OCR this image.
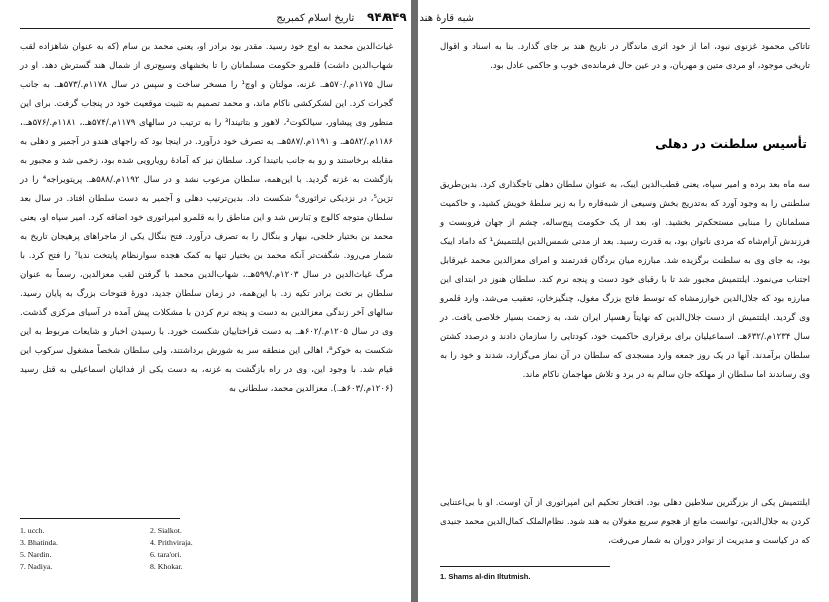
۹۴۸    تاریخ اسلام کمبریج

غیاث‌الدین محمد به اوج خود رسید. مقدر بود برادر او، یعنی محمد بن سام (که به عنوان شاهزاده لقب شهاب‌الدین داشت) قلمرو حکومت مسلمانان را تا بخشهای وسیع‌تری از شمال هند گسترش دهد. او در سال ۱۱۷۵م./۵۷۰هـ. غزنه، مولتان و اوچ¹ را مسخر ساخت و سپس در سال ۱۱۷۸م./۵۷۳هـ. به جانب گجرات کرد. این لشکرکشی ناکام ماند، و محمد تصمیم به تثبیت موقعیت خود در پنجاب گرفت. برای این منظور وی پیشاور، سیالکوت²، لاهور و بتاتیندا³ را به ترتیب در سالهای ۱۱۷۹م./۵۷۴هـ.، ۱۱۸۱م./۵۷۶هـ.، ۱۱۸۶م./۵۸۲هـ. و ۱۱۹۱م./۵۸۷هـ. به تصرف خود درآورد. در اینجا بود که راجهای هندو در آجمیر و دهلی به مقابله برخاستند و رو به جانب باتیندا کرد. سلطان نیز که آمادهٔ رویارویی شده بود، زخمی شد و مجبور به بازگشت به غزنه گردید. با این‌همه، سلطان مرعوب نشد و در سال ۱۱۹۲م./۵۸۸هـ. پریتویراجه⁴ را در ترَین⁵، در نزدیکی تراثوری⁶ شکست داد. بدین‌ترتیب دهلی و آجمیر به دست سلطان افتاد. در سال بعد سلطان متوجه کالوج و بَنارس شد و این مناطق را به قلمرو امپراتوری خود اضافه کرد. امیر سپاه او، یعنی محمد بن بختیار خلجی، بیهار و بنگال را به تصرف درآورد. فتح بنگال یکی از ماجراهای پرهیجان تاریخ به شمار می‌رود. شگفت‌تر آنکه محمد بن بختیار تنها به کمک هجده سوارنظام پایتخت ندیا⁷ را فتح کرد. با مرگ غیاث‌الدین در سال ۱۲۰۳م./۵۹۹هـ.، شهاب‌الدین محمد با گرفتن لقب معزالدین، رسماً به عنوان سلطان بر تخت برادر تکیه زد. با این‌همه، در زمان سلطان جدید، دورهٔ فتوحات بزرگ به پایان رسید. سالهای آخر زندگی معزالدین به دست و پنجه نرم کردن با مشکلات پیش آمده در آسیای مرکزی گذشت. وی در سال ۱۲۰۵م./۶۰۲هـ. به دست قراختاییان شکست خورد. با رسیدن اخبار و شایعات مربوط به این شکست به خوکر⁸، اهالی این منطقه سر به شورش برداشتند، ولی سلطان شخصاً مشغول سرکوب این قیام شد. با وجود این، وی در راه بازگشت به غزنه، به دست یکی از فدائیان اسماعیلی به قتل رسید (۱۲۰۶م./۶۰۳هـ.). معزالدین محمد، سلطانی به

1. ucch.	2. Sialkot.
3. Bhatinda.	4. Prithviraja.
5. Nardin.	6. tara'ori.
7. Nadiya.	8. Khokar.
شبه قارهٔ هند    ۹۴۹

تاتاکی محمود غزنوی نبود، اما از خود اثری ماندگار در تاریخ هند بر جای گذارد. بنا به اسناد و اقوال تاریخی موجود، او مردی متین و مهربان، و در عین حال فرمانده‌ی خوب و حاکمی عادل بود.

تأسیس سلطنت در دهلی

سه ماه بعد برده و امیر سپاه، یعنی قطب‌الدین ایبک، به عنوان سلطان دهلی تاجگذاری کرد. بدین‌طریق سلطنتی را به وجود آورد که به‌تدریج بخش وسیعی از شبه‌قاره را به زیر سلطهٔ خویش کشید، و حاکمیت مسلمانان را مبنایی مستحکم‌تر بخشید. او، بعد از یک حکومت پنج‌ساله، چشم از جهان فروبست و فرزندش آرام‌شاه که مردی ناتوان بود، به قدرت رسید. بعد از مدتی شمس‌الدین ایلتتمیش¹ که داماد ایبک بود، به جای وی به سلطنت برگزیده شد. مبارزه میان بردگان قدرتمند و امرای معزالدین محمد غیرقابل اجتناب می‌نمود. ایلتتمیش مجبور شد تا با رقبای خود دست و پنجه نرم کند. سلطان هنوز در ابتدای این مبارزه بود که جلال‌الدین خوارزمشاه که توسط فاتح بزرگ مغول، چنگیزخان، تعقیب می‌شد، وارد قلمرو وی گردید. ایلتتمیش از دست جلال‌الدین که نهایتاً رهسپار ایران شد، به زحمت بسیار خلاصی یافت. در سال ۱۲۳۴م./۶۳۲هـ. اسماعیلیان برای برقراری حاکمیت خود، کودتایی را سازمان دادند و درصدد کشتن سلطان برآمدند. آنها در یک روز جمعه وارد مسجدی که سلطان در آن نماز می‌گزارد، شدند و خود را به وی رساندند اما سلطان از مهلکه جان سالم به در برد و تلاش مهاجمان ناکام ماند.

ایلتتمیش یکی از بزرگترین سلاطین دهلی بود. افتخار تحکیم این امپراتوری از آن اوست. او با بی‌اعتنایی کردن به جلال‌الدین، توانست مانع از هجوم سریع مغولان به هند شود. نظام‌الملک کمال‌الدین محمد جنیدی که در کیاست و مدیریت از نوادر دوران به شمار می‌رفت،

1. Shams al-din Iltutmish.
